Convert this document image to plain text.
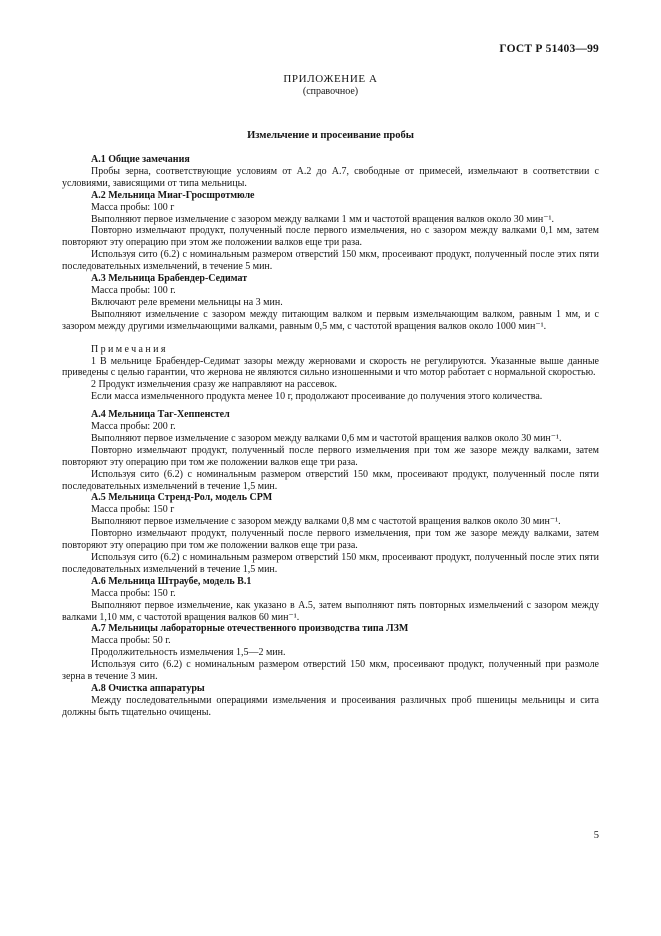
ГОСТ Р 51403—99
ПРИЛОЖЕНИЕ А
(справочное)
Измельчение и просеивание пробы

А.1 Общие замечания

Пробы зерна, соответствующие условиям от А.2 до А.7, свободные от примесей, измельчают в соответствии с условиями, зависящими от типа мельницы.

А.2 Мельница Миаг-Гросшротмюле

Масса пробы: 100 г

Выполняют первое измельчение с зазором между валками 1 мм и частотой вращения валков около 30 мин⁻¹.

Повторно измельчают продукт, полученный после первого измельчения, но с зазором между валками 0,1 мм, затем повторяют эту операцию при этом же положении валков еще три раза.

Используя сито (6.2) с номинальным размером отверстий 150 мкм, просеивают продукт, полученный после этих пяти последовательных измельчений, в течение 5 мин.

А.3 Мельница Брабендер-Седимат

Масса пробы: 100 г.

Включают реле времени мельницы на 3 мин.

Выполняют измельчение с зазором между питающим валком и первым измельчающим валком, равным 1 мм, и с зазором между другими измельчающими валками, равным 0,5 мм, с частотой вращения валков около 1000 мин⁻¹.

Примечания

1 В мельнице Брабендер-Седимат зазоры между жерновами и скорость не регулируются. Указанные выше данные приведены с целью гарантии, что жернова не являются сильно изношенными и что мотор работает с нормальной скоростью.

2 Продукт измельчения сразу же направляют на рассевок.

Если масса измельченного продукта менее 10 г, продолжают просеивание до получения этого количества.

А.4 Мельница Таг-Хеппенстел

Масса пробы: 200 г.

Выполняют первое измельчение с зазором между валками 0,6 мм и частотой вращения валков около 30 мин⁻¹.

Повторно измельчают продукт, полученный после первого измельчения при том же зазоре между валками, затем повторяют эту операцию при том же положении валков еще три раза.

Используя сито (6.2) с номинальным размером отверстий 150 мкм, просеивают продукт, полученный после пяти последовательных измельчений в течение 1,5 мин.

А.5 Мельница Стренд-Рол, модель СРМ

Масса пробы: 150 г

Выполняют первое измельчение с зазором между валками 0,8 мм с частотой вращения валков около 30 мин⁻¹.

Повторно измельчают продукт, полученный после первого измельчения, при том же зазоре между валками, затем повторяют эту операцию при том же положении валков еще три раза.

Используя сито (6.2) с номинальным размером отверстий 150 мкм, просеивают продукт, полученный после этих пяти последовательных измельчений в течение 1,5 мин.

А.6 Мельница Штраубе, модель В.1

Масса пробы: 150 г.

Выполняют первое измельчение, как указано в А.5, затем выполняют пять повторных измельчений с зазором между валками 1,10 мм, с частотой вращения валков 60 мин⁻¹.

А.7 Мельницы лабораторные отечественного производства типа ЛЗМ

Масса пробы: 50 г.

Продолжительность измельчения 1,5—2 мин.

Используя сито (6.2) с номинальным размером отверстий 150 мкм, просеивают продукт, полученный при размоле зерна в течение 3 мин.

А.8 Очистка аппаратуры

Между последовательными операциями измельчения и просеивания различных проб пшеницы мельницы и сита должны быть тщательно очищены.

5
